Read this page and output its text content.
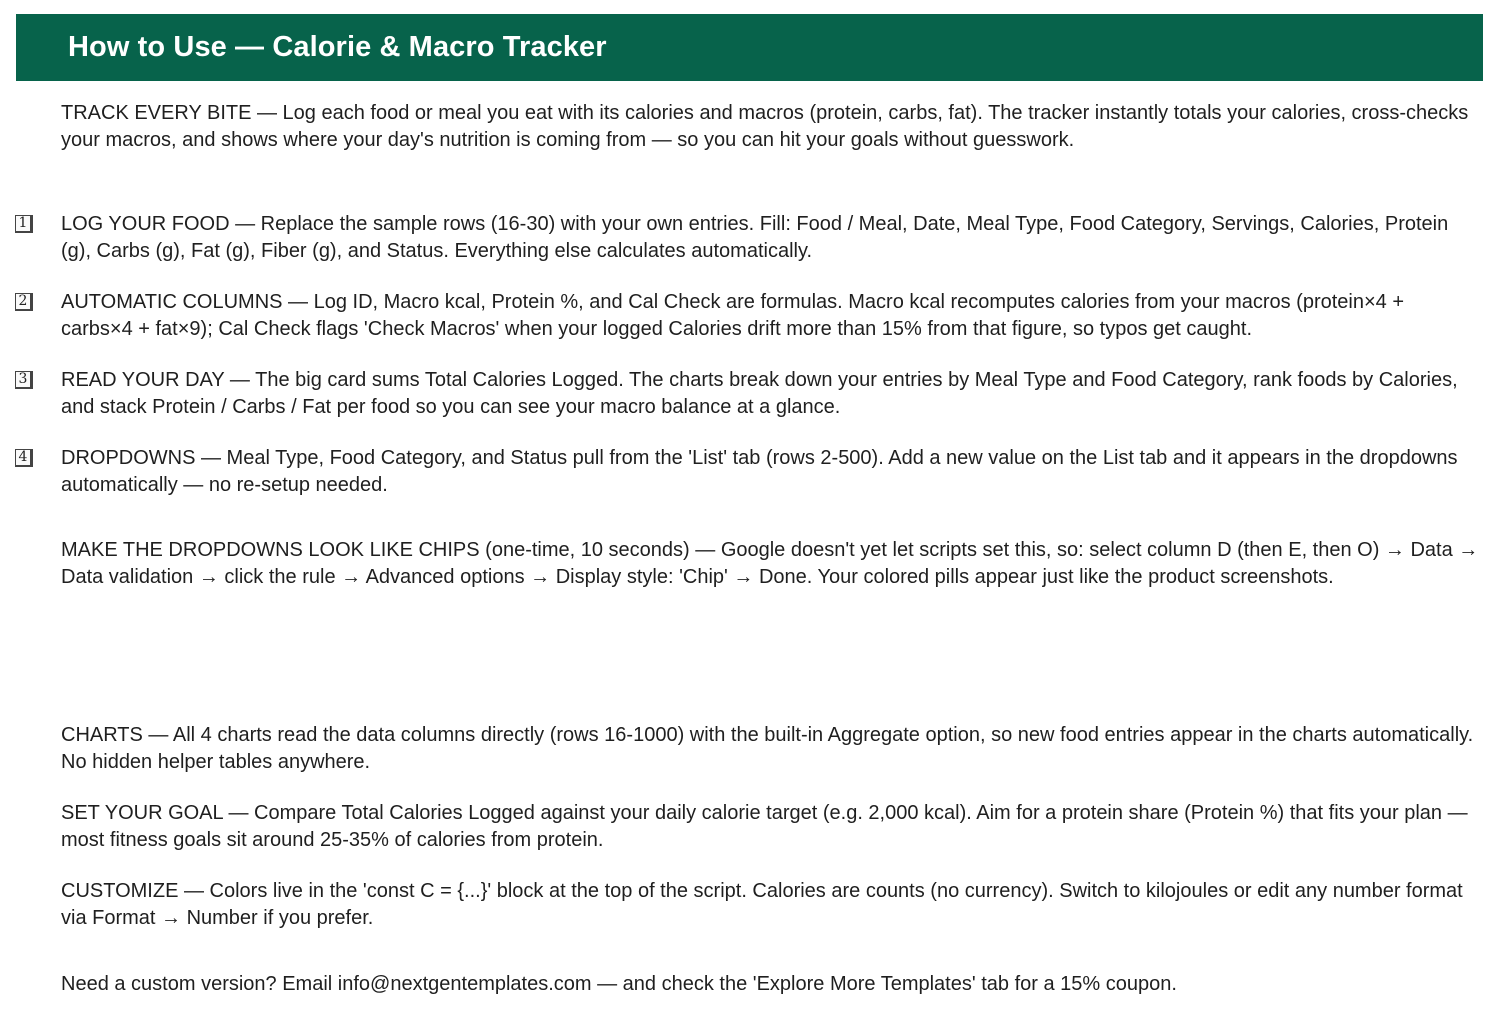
How to Use — Calorie & Macro Tracker

TRACK EVERY BITE — Log each food or meal you eat with its calories and macros (protein, carbs, fat). The tracker instantly totals your calories, cross-checks your macros, and shows where your day's nutrition is coming from — so you can hit your goals without guesswork.

1 LOG YOUR FOOD — Replace the sample rows (16-30) with your own entries. Fill: Food / Meal, Date, Meal Type, Food Category, Servings, Calories, Protein (g), Carbs (g), Fat (g), Fiber (g), and Status. Everything else calculates automatically.

2 AUTOMATIC COLUMNS — Log ID, Macro kcal, Protein %, and Cal Check are formulas. Macro kcal recomputes calories from your macros (protein×4 + carbs×4 + fat×9); Cal Check flags 'Check Macros' when your logged Calories drift more than 15% from that figure, so typos get caught.

3 READ YOUR DAY — The big card sums Total Calories Logged. The charts break down your entries by Meal Type and Food Category, rank foods by Calories, and stack Protein / Carbs / Fat per food so you can see your macro balance at a glance.

4 DROPDOWNS — Meal Type, Food Category, and Status pull from the 'List' tab (rows 2-500). Add a new value on the List tab and it appears in the dropdowns automatically — no re-setup needed.

MAKE THE DROPDOWNS LOOK LIKE CHIPS (one-time, 10 seconds) — Google doesn't yet let scripts set this, so: select column D (then E, then O) → Data → Data validation → click the rule → Advanced options → Display style: 'Chip' → Done. Your colored pills appear just like the product screenshots.

CHARTS — All 4 charts read the data columns directly (rows 16-1000) with the built-in Aggregate option, so new food entries appear in the charts automatically. No hidden helper tables anywhere.

SET YOUR GOAL — Compare Total Calories Logged against your daily calorie target (e.g. 2,000 kcal). Aim for a protein share (Protein %) that fits your plan — most fitness goals sit around 25-35% of calories from protein.

CUSTOMIZE — Colors live in the 'const C = {...}' block at the top of the script. Calories are counts (no currency). Switch to kilojoules or edit any number format via Format → Number if you prefer.

Need a custom version? Email info@nextgentemplates.com — and check the 'Explore More Templates' tab for a 15% coupon.
